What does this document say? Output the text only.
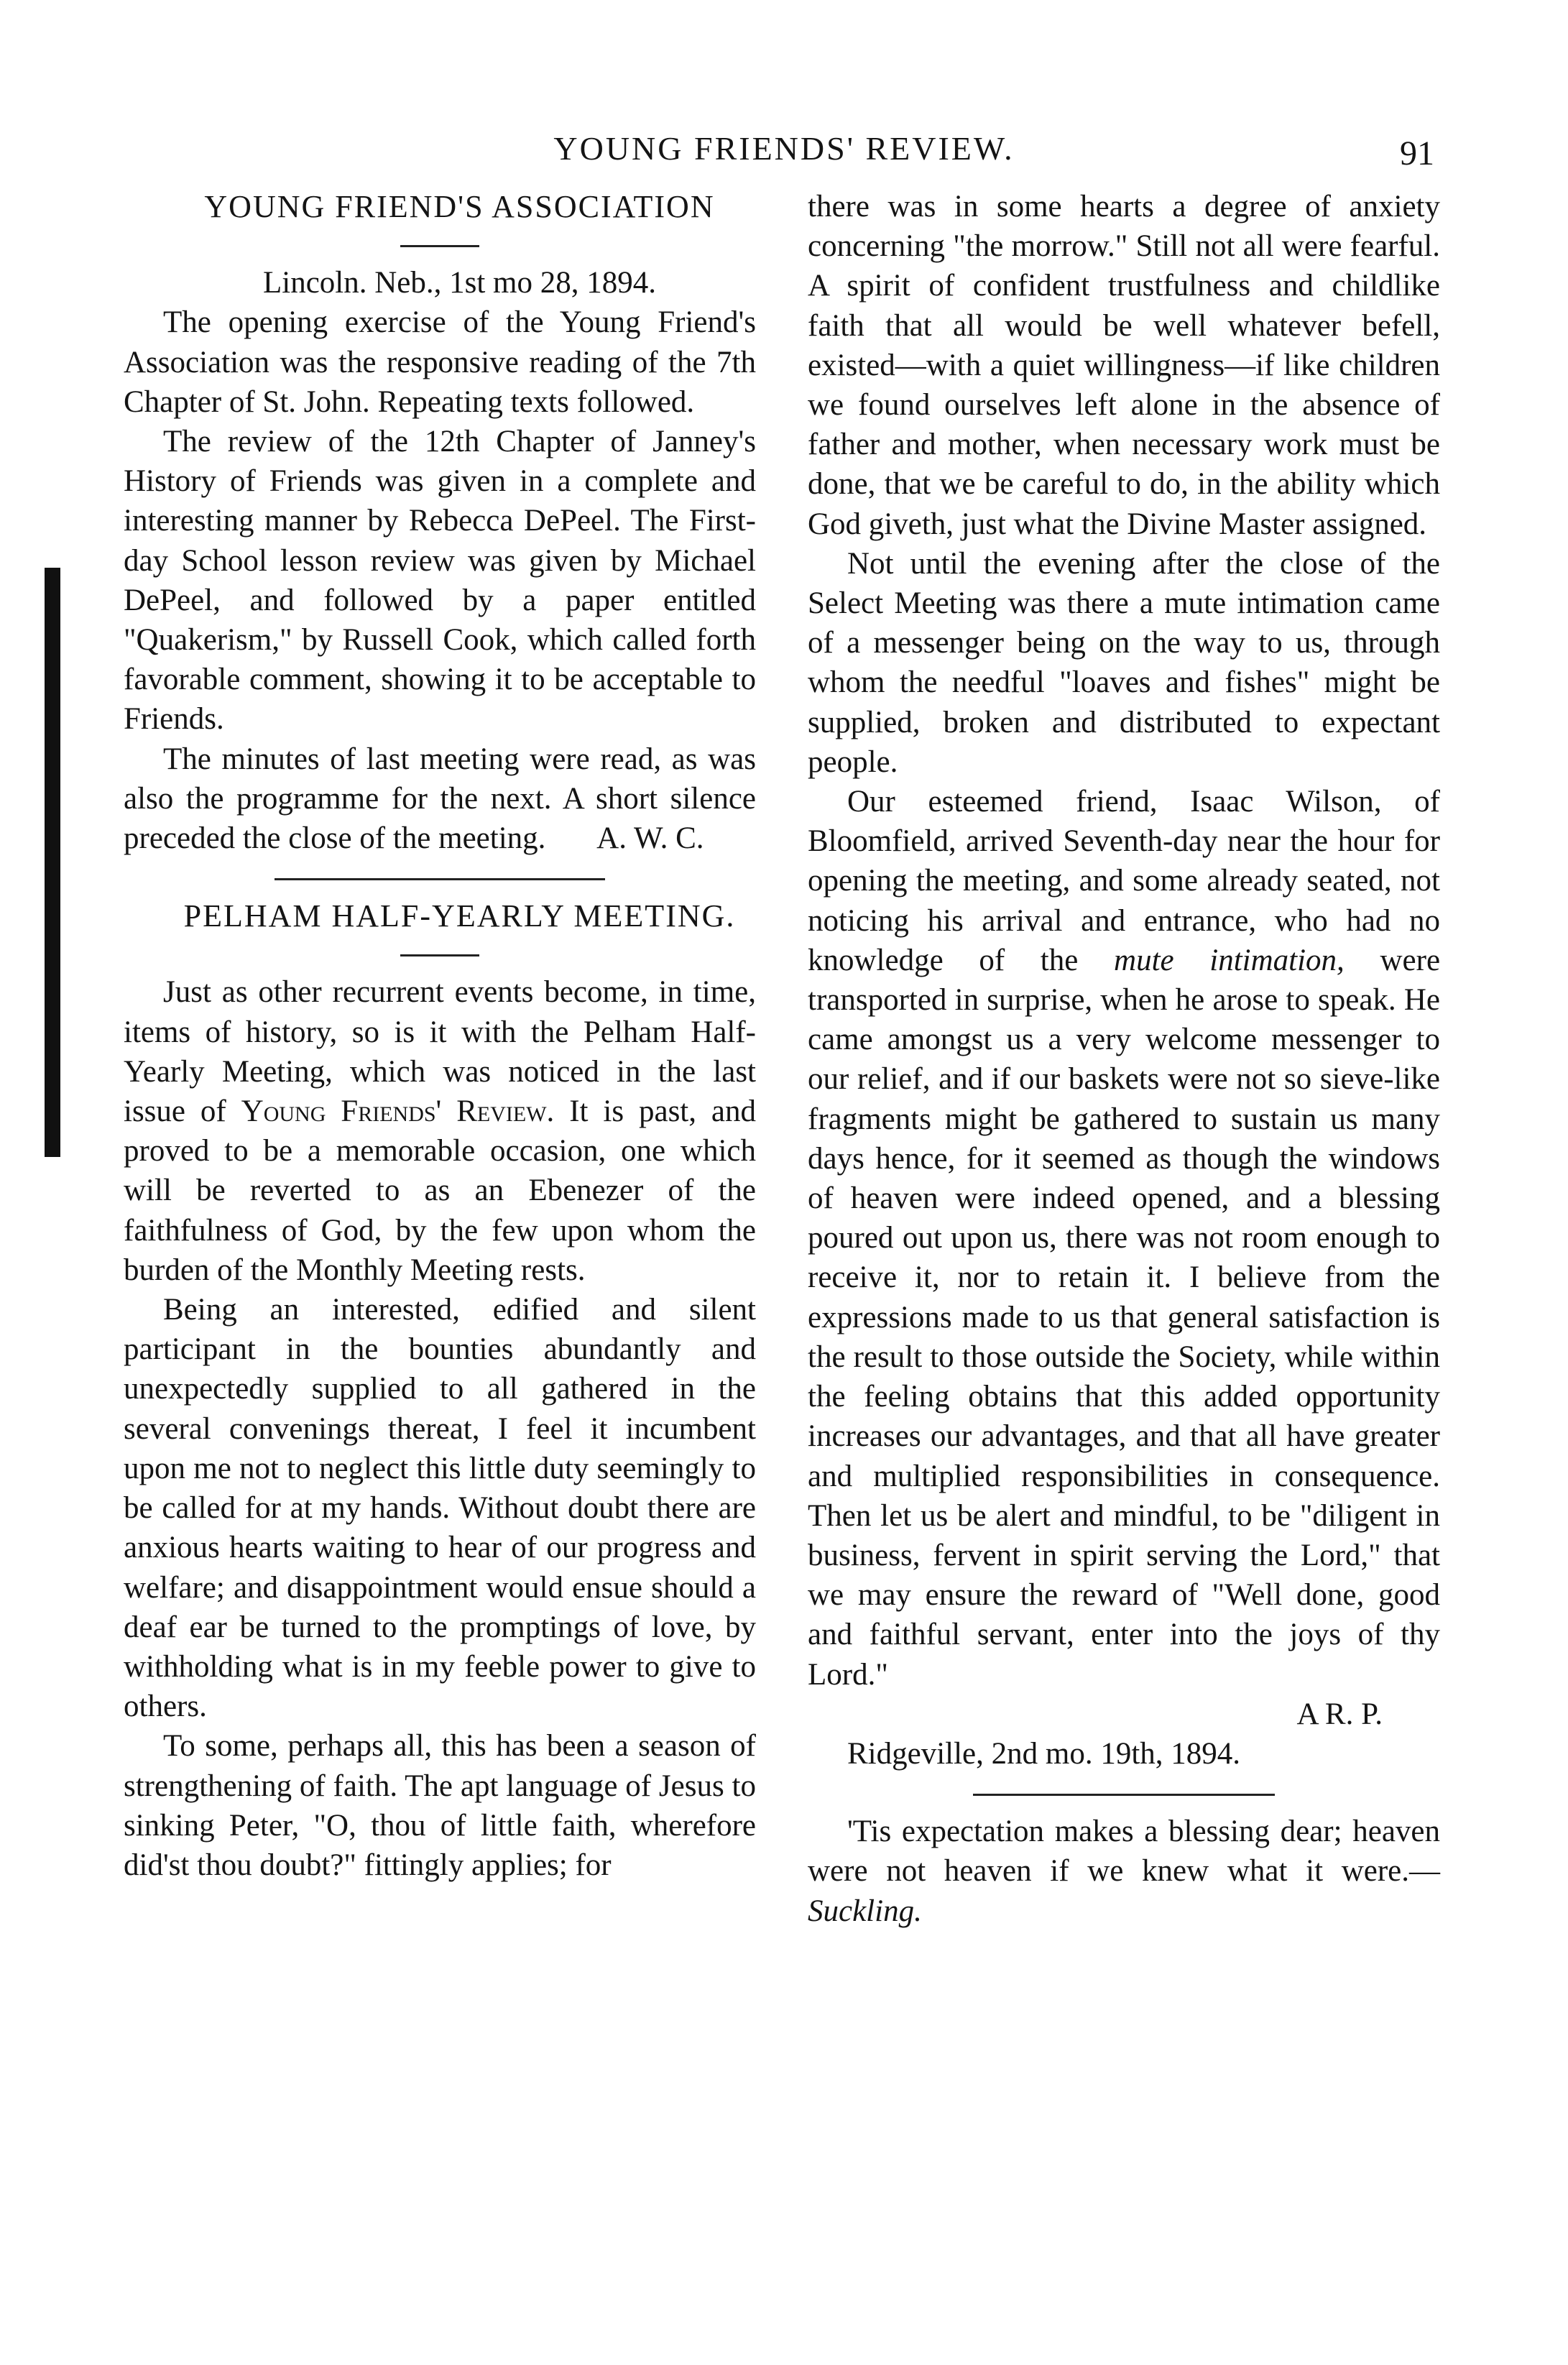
YOUNG FRIENDS' REVIEW.	91

YOUNG FRIEND'S ASSOCIATION

Lincoln. Neb., 1st mo 28, 1894.

The opening exercise of the Young Friend's Association was the responsive reading of the 7th Chapter of St. John. Repeating texts followed.

The review of the 12th Chapter of Janney's History of Friends was given in a complete and interesting manner by Rebecca DePeel. The First-day School lesson review was given by Michael DePeel, and followed by a paper entitled "Quakerism," by Russell Cook, which called forth favorable comment, showing it to be acceptable to Friends.

The minutes of last meeting were read, as was also the programme for the next. A short silence preceded the close of the meeting. A. W. C.

PELHAM HALF-YEARLY MEETING.

Just as other recurrent events become, in time, items of history, so is it with the Pelham Half-Yearly Meeting, which was noticed in the last issue of Young Friends' Review. It is past, and proved to be a memorable occasion, one which will be reverted to as an Ebenezer of the faithfulness of God, by the few upon whom the burden of the Monthly Meeting rests.

Being an interested, edified and silent participant in the bounties abundantly and unexpectedly supplied to all gathered in the several convenings thereat, I feel it incumbent upon me not to neglect this little duty seemingly to be called for at my hands. Without doubt there are anxious hearts waiting to hear of our progress and welfare; and disappointment would ensue should a deaf ear be turned to the promptings of love, by withholding what is in my feeble power to give to others.

To some, perhaps all, this has been a season of strengthening of faith. The apt language of Jesus to sinking Peter, "O, thou of little faith, wherefore did'st thou doubt?" fittingly applies; for

there was in some hearts a degree of anxiety concerning "the morrow." Still not all were fearful. A spirit of confident trustfulness and childlike faith that all would be well whatever befell, existed—with a quiet willingness—if like children we found ourselves left alone in the absence of father and mother, when necessary work must be done, that we be careful to do, in the ability which God giveth, just what the Divine Master assigned.

Not until the evening after the close of the Select Meeting was there a mute intimation came of a messenger being on the way to us, through whom the needful "loaves and fishes" might be supplied, broken and distributed to expectant people.

Our esteemed friend, Isaac Wilson, of Bloomfield, arrived Seventh-day near the hour for opening the meeting, and some already seated, not noticing his arrival and entrance, who had no knowledge of the mute intimation, were transported in surprise, when he arose to speak. He came amongst us a very welcome messenger to our relief, and if our baskets were not so sieve-like fragments might be gathered to sustain us many days hence, for it seemed as though the windows of heaven were indeed opened, and a blessing poured out upon us, there was not room enough to receive it, nor to retain it. I believe from the expressions made to us that general satisfaction is the result to those outside the Society, while within the feeling obtains that this added opportunity increases our advantages, and that all have greater and multiplied responsibilities in consequence. Then let us be alert and mindful, to be "diligent in business, fervent in spirit serving the Lord," that we may ensure the reward of "Well done, good and faithful servant, enter into the joys of thy Lord."

A R. P.

Ridgeville, 2nd mo. 19th, 1894.

'Tis expectation makes a blessing dear; heaven were not heaven if we knew what it were.—Suckling.
